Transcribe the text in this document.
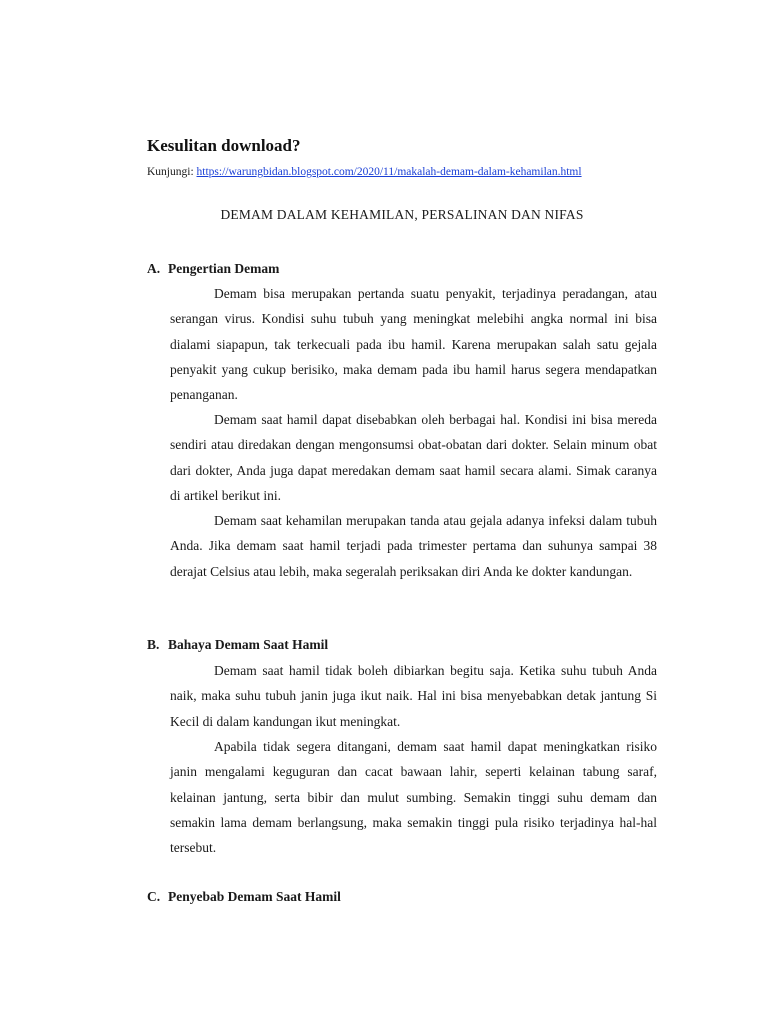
Kesulitan download?
Kunjungi: https://warungbidan.blogspot.com/2020/11/makalah-demam-dalam-kehamilan.html
DEMAM DALAM KEHAMILAN, PERSALINAN DAN NIFAS
A. Pengertian Demam

Demam bisa merupakan pertanda suatu penyakit, terjadinya peradangan, atau serangan virus. Kondisi suhu tubuh yang meningkat melebihi angka normal ini bisa dialami siapapun, tak terkecuali pada ibu hamil. Karena merupakan salah satu gejala penyakit yang cukup berisiko, maka demam pada ibu hamil harus segera mendapatkan penanganan.

Demam saat hamil dapat disebabkan oleh berbagai hal. Kondisi ini bisa mereda sendiri atau diredakan dengan mengonsumsi obat-obatan dari dokter. Selain minum obat dari dokter, Anda juga dapat meredakan demam saat hamil secara alami. Simak caranya di artikel berikut ini.

Demam saat kehamilan merupakan tanda atau gejala adanya infeksi dalam tubuh Anda. Jika demam saat hamil terjadi pada trimester pertama dan suhunya sampai 38 derajat Celsius atau lebih, maka segeralah periksakan diri Anda ke dokter kandungan.

B. Bahaya Demam Saat Hamil

Demam saat hamil tidak boleh dibiarkan begitu saja. Ketika suhu tubuh Anda naik, maka suhu tubuh janin juga ikut naik. Hal ini bisa menyebabkan detak jantung Si Kecil di dalam kandungan ikut meningkat.

Apabila tidak segera ditangani, demam saat hamil dapat meningkatkan risiko janin mengalami keguguran dan cacat bawaan lahir, seperti kelainan tabung saraf, kelainan jantung, serta bibir dan mulut sumbing. Semakin tinggi suhu demam dan semakin lama demam berlangsung, maka semakin tinggi pula risiko terjadinya hal-hal tersebut.

C. Penyebab Demam Saat Hamil
